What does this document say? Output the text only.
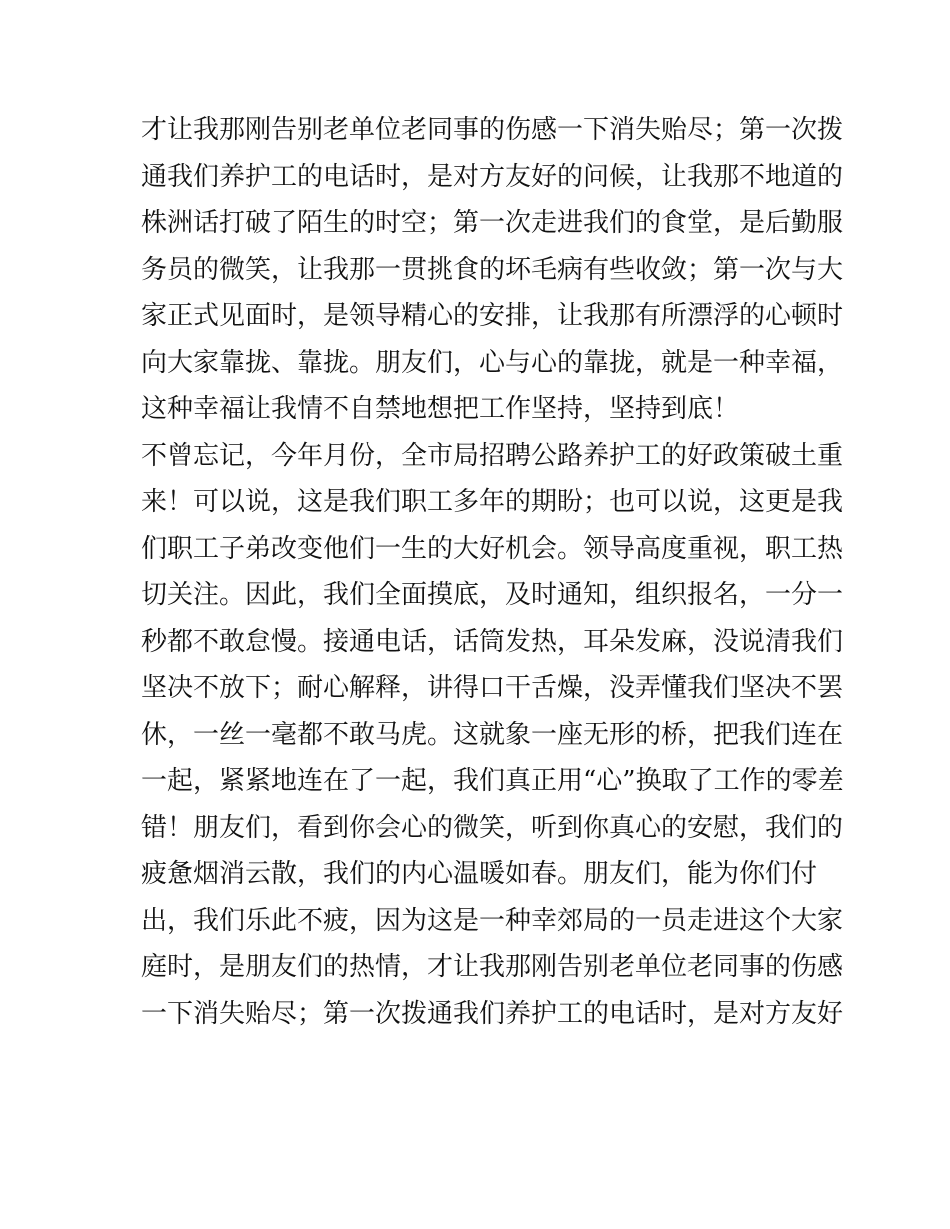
才让我那刚告别老单位老同事的伤感一下消失贻尽；第一次拨
通我们养护工的电话时，是对方友好的问候，让我那不地道的
株洲话打破了陌生的时空；第一次走进我们的食堂，是后勤服
务员的微笑，让我那一贯挑食的坏毛病有些收敛；第一次与大
家正式见面时，是领导精心的安排，让我那有所漂浮的心顿时
向大家靠拢、靠拢。朋友们，心与心的靠拢，就是一种幸福，
这种幸福让我情不自禁地想把工作坚持，坚持到底！
不曾忘记，今年月份，全市局招聘公路养护工的好政策破土重
来！可以说，这是我们职工多年的期盼；也可以说，这更是我
们职工子弟改变他们一生的大好机会。领导高度重视，职工热
切关注。因此，我们全面摸底，及时通知，组织报名，一分一
秒都不敢怠慢。接通电话，话筒发热，耳朵发麻，没说清我们
坚决不放下；耐心解释，讲得口干舌燥，没弄懂我们坚决不罢
休，一丝一毫都不敢马虎。这就象一座无形的桥，把我们连在
一起，紧紧地连在了一起，我们真正用“心”换取了工作的零差
错！朋友们，看到你会心的微笑，听到你真心的安慰，我们的
疲惫烟消云散，我们的内心温暖如春。朋友们，能为你们付
出，我们乐此不疲，因为这是一种幸郊局的一员走进这个大家
庭时，是朋友们的热情，才让我那刚告别老单位老同事的伤感
一下消失贻尽；第一次拨通我们养护工的电话时，是对方友好
